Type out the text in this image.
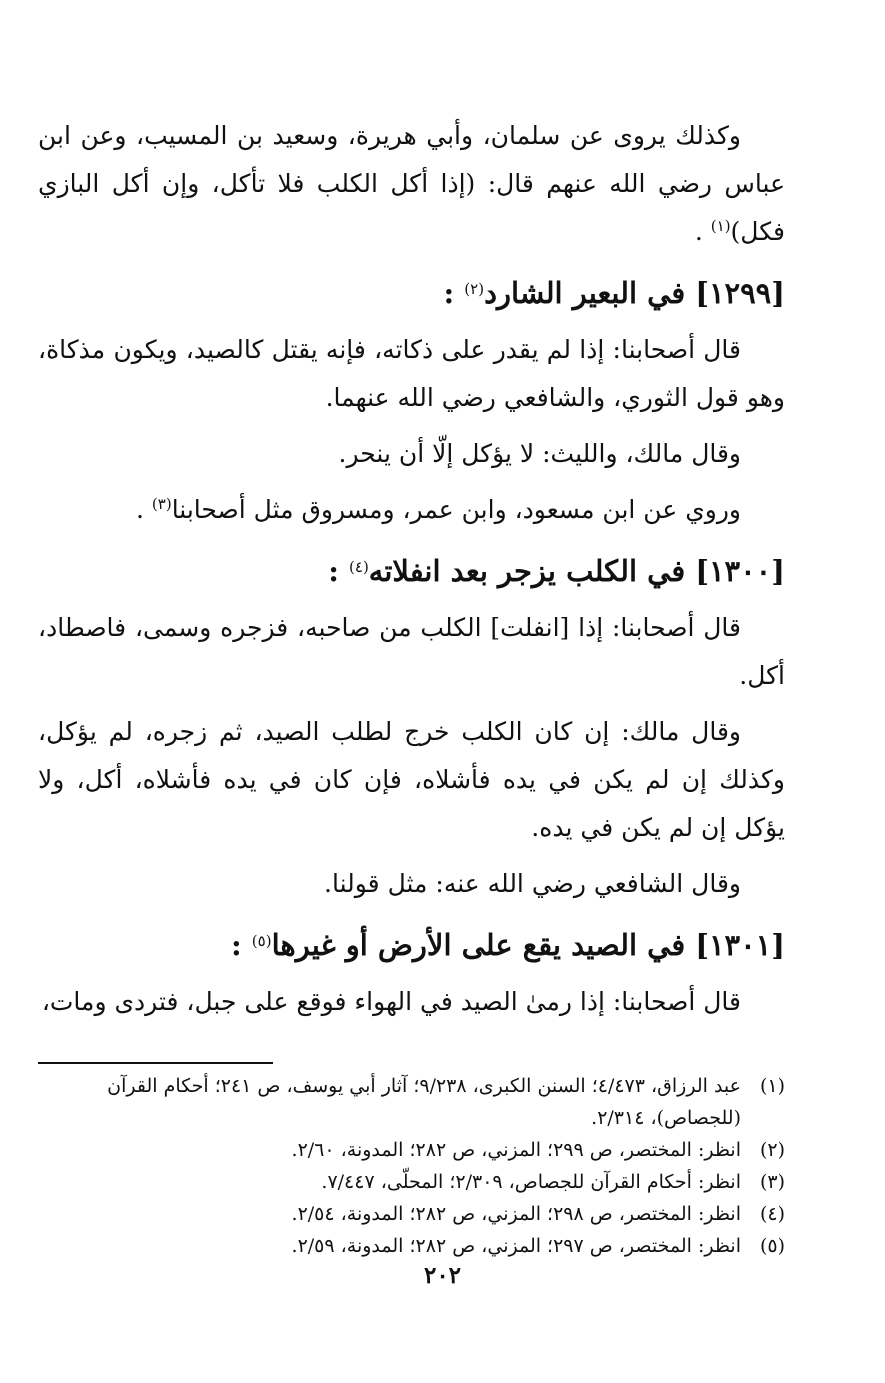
وكذلك يروى عن سلمان، وأبي هريرة، وسعيد بن المسيب، وعن ابن عباس رضي الله عنهم قال: (إذا أكل الكلب فلا تأكل، وإن أكل البازي فكل)$^{(١)}$ .

[١٢٩٩]في البعير الشارد$^{(٢)}$ :

قال أصحابنا: إذا لم يقدر على ذكاته، فإنه يقتل كالصيد، ويكون مذكاة، وهو قول الثوري، والشافعي رضي الله عنهما.

وقال مالك، والليث: لا يؤكل إلّا أن ينحر.

وروي عن ابن مسعود، وابن عمر، ومسروق مثل أصحابنا$^{(٣)}$ .

[١٣٠٠]في الكلب يزجر بعد انفلاته$^{(٤)}$ :

قال أصحابنا: إذا [انفلت] الكلب من صاحبه، فزجره وسمى، فاصطاد، أكل.

وقال مالك: إن كان الكلب خرج لطلب الصيد، ثم زجره، لم يؤكل، وكذلك إن لم يكن في يده فأشلاه، فإن كان في يده فأشلاه، أكل، ولا يؤكل إن لم يكن في يده.

وقال الشافعي رضي الله عنه: مثل قولنا.

[١٣٠١]في الصيد يقع على الأرض أو غيرها$^{(٥)}$ :

قال أصحابنا: إذا رمىٰ الصيد في الهواء فوقع على جبل، فتردى ومات،

(١)عبد الرزاق، ٤/٤٧٣؛ السنن الكبرى، ٩/٢٣٨؛ آثار أبي يوسف، ص ٢٤١؛ أحكام القرآن (للجصاص)، ٢/٣١٤.

(٢)انظر: المختصر، ص ٢٩٩؛ المزني، ص ٢٨٢؛ المدونة، ٢/٦٠.

(٣)انظر: أحكام القرآن للجصاص، ٢/٣٠٩؛ المحلّى، ٧/٤٤٧.

(٤)انظر: المختصر، ص ٢٩٨؛ المزني، ص ٢٨٢؛ المدونة، ٢/٥٤.

(٥)انظر: المختصر، ص ٢٩٧؛ المزني، ص ٢٨٢؛ المدونة، ٢/٥٩.

٢٠٢
